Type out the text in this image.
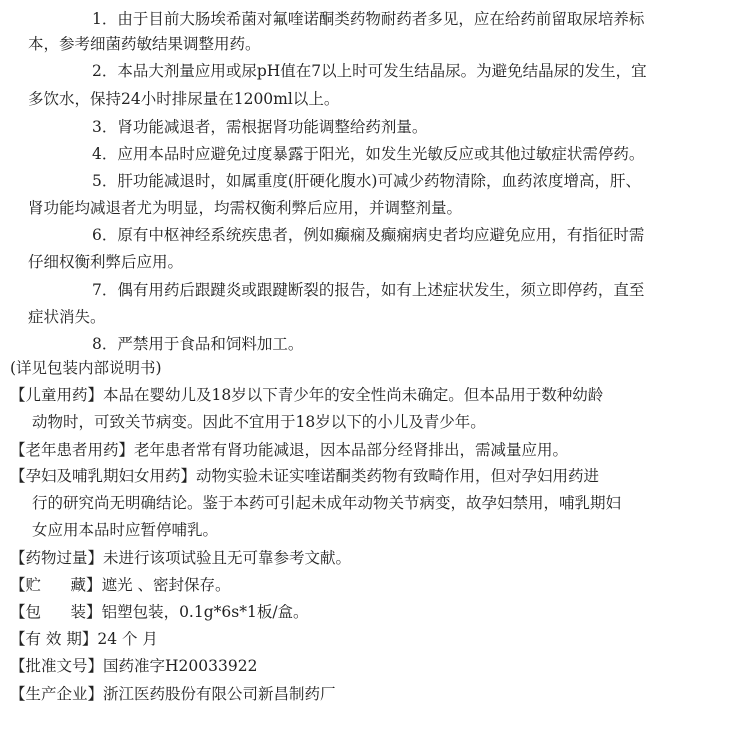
1．由于目前大肠埃希菌对氟喹诺酮类药物耐药者多见，应在给药前留取尿培养标
本，参考细菌药敏结果调整用药。
2．本品大剂量应用或尿pH值在7以上时可发生结晶尿。为避免结晶尿的发生，宜
多饮水，保持24小时排尿量在1200ml以上。
3．肾功能减退者，需根据肾功能调整给药剂量。
4．应用本品时应避免过度暴露于阳光，如发生光敏反应或其他过敏症状需停药。
5．肝功能减退时，如属重度(肝硬化腹水)可减少药物清除，血药浓度增高，肝、
肾功能均减退者尤为明显，均需权衡利弊后应用，并调整剂量。
6．原有中枢神经系统疾患者，例如癫痫及癫痫病史者均应避免应用，有指征时需
仔细权衡利弊后应用。
7．偶有用药后跟踺炎或跟踺断裂的报告，如有上述症状发生，须立即停药，直至
症状消失。
8．严禁用于食品和饲料加工。
(详见包装内部说明书)
【儿童用药】本品在婴幼儿及18岁以下青少年的安全性尚未确定。但本品用于数种幼龄
动物时，可致关节病变。因此不宜用于18岁以下的小儿及青少年。
【老年患者用药】老年患者常有肾功能减退，因本品部分经肾排出，需减量应用。
【孕妇及哺乳期妇女用药】动物实验未证实喹诺酮类药物有致畸作用，但对孕妇用药进
行的研究尚无明确结论。鉴于本药可引起未成年动物关节病变，故孕妇禁用，哺乳期妇
女应用本品时应暂停哺乳。
【药物过量】未进行该项试验且无可靠参考文献。
【贮      藏】遮光 、密封保存。
【包      装】铝塑包装，0.1g*6s*1板/盒。
【有 效 期】24 个 月
【批准文号】国药准字H20033922
【生产企业】浙江医药股份有限公司新昌制药厂
